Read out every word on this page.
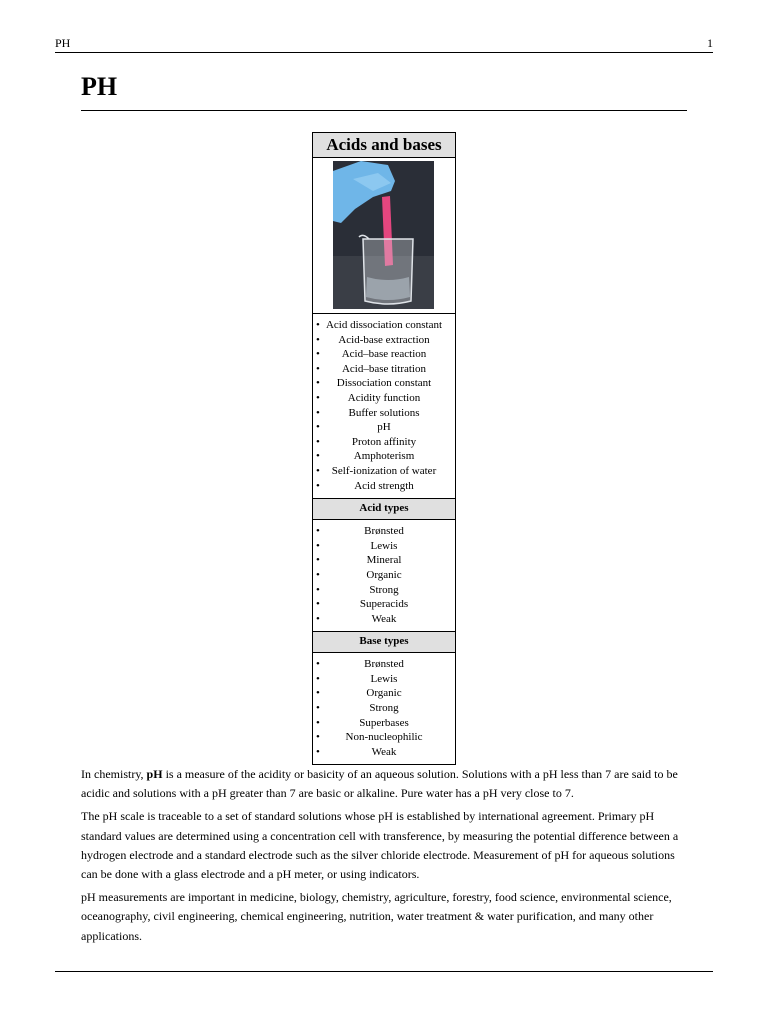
PH	1
PH
Acids and bases
• Acid dissociation constant
• Acid-base extraction
• Acid–base reaction
• Acid–base titration
• Dissociation constant
• Acidity function
• Buffer solutions
• pH
• Proton affinity
• Amphoterism
• Self-ionization of water
• Acid strength
Acid types
• Brønsted
• Lewis
• Mineral
• Organic
• Strong
• Superacids
• Weak
Base types
• Brønsted
• Lewis
• Organic
• Strong
• Superbases
• Non-nucleophilic
• Weak

In chemistry, pH is a measure of the acidity or basicity of an aqueous solution. Solutions with a pH less than 7 are said to be acidic and solutions with a pH greater than 7 are basic or alkaline. Pure water has a pH very close to 7.

The pH scale is traceable to a set of standard solutions whose pH is established by international agreement. Primary pH standard values are determined using a concentration cell with transference, by measuring the potential difference between a hydrogen electrode and a standard electrode such as the silver chloride electrode. Measurement of pH for aqueous solutions can be done with a glass electrode and a pH meter, or using indicators.

pH measurements are important in medicine, biology, chemistry, agriculture, forestry, food science, environmental science, oceanography, civil engineering, chemical engineering, nutrition, water treatment & water purification, and many other applications.
